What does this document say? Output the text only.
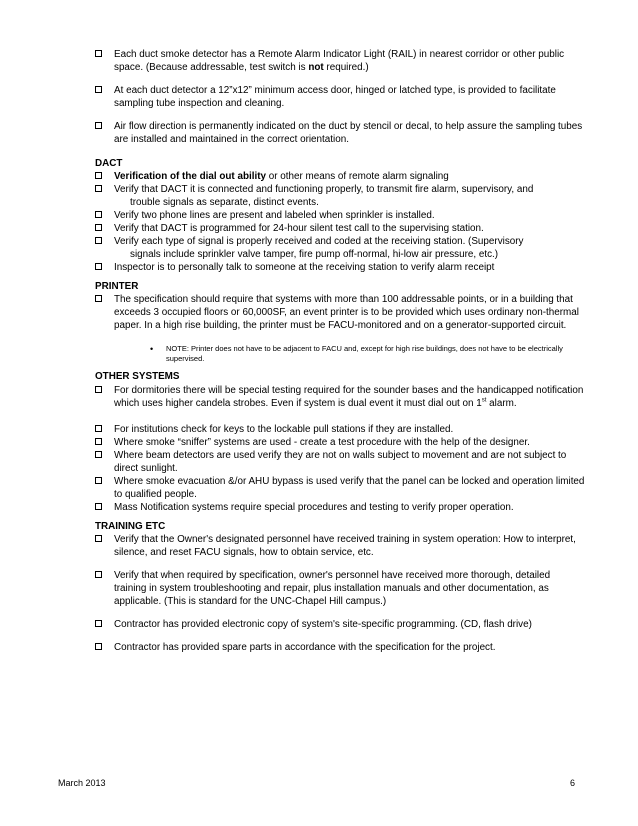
Each duct smoke detector has a Remote Alarm Indicator Light (RAIL) in nearest corridor or other public space. (Because addressable, test switch is not required.)
At each duct detector a 12”x12” minimum access door, hinged or latched type, is provided to facilitate sampling tube inspection and cleaning.
Air flow direction is permanently indicated on the duct by stencil or decal, to help assure the sampling tubes are installed and maintained in the correct orientation.
DACT
Verification of the dial out ability or other means of remote alarm signaling
Verify that DACT it is connected and functioning properly, to transmit fire alarm, supervisory, and
trouble signals as separate, distinct events.
Verify two phone lines are present and labeled when sprinkler is installed.
Verify that DACT is programmed for 24-hour silent test call to the supervising station.
Verify each type of signal is properly received and coded at the receiving station. (Supervisory
signals include sprinkler valve tamper, fire pump off-normal, hi-low air pressure, etc.)
Inspector is to personally talk to someone at the receiving station to verify alarm receipt
PRINTER
The specification should require that systems with more than 100 addressable points, or in a building that exceeds 3 occupied floors or 60,000SF, an event printer is to be provided which uses ordinary non-thermal paper. In a high rise building, the printer must be FACU-monitored and on a generator-supported circuit.
• NOTE: Printer does not have to be adjacent to FACU and, except for high rise buildings, does not have to be electrically supervised.
OTHER SYSTEMS
For dormitories there will be special testing required for the sounder bases and the handicapped notification which uses higher candela strobes. Even if system is dual event it must dial out on 1st alarm.
For institutions check for keys to the lockable pull stations if they are installed.
Where smoke “sniffer” systems are used - create a test procedure with the help of the designer.
Where beam detectors are used verify they are not on walls subject to movement and are not subject to direct sunlight.
Where smoke evacuation &/or AHU bypass is used verify that the panel can be locked and operation limited to qualified people.
Mass Notification systems require special procedures and testing to verify proper operation.
TRAINING ETC
Verify that the Owner's designated personnel have received training in system operation: How to interpret, silence, and reset FACU signals, how to obtain service, etc.
Verify that when required by specification, owner's personnel have received more thorough, detailed training in system troubleshooting and repair, plus installation manuals and other documentation, as applicable. (This is standard for the UNC-Chapel Hill campus.)
Contractor has provided electronic copy of system's site-specific programming. (CD, flash drive)
Contractor has provided spare parts in accordance with the specification for the project.
March 2013	6
